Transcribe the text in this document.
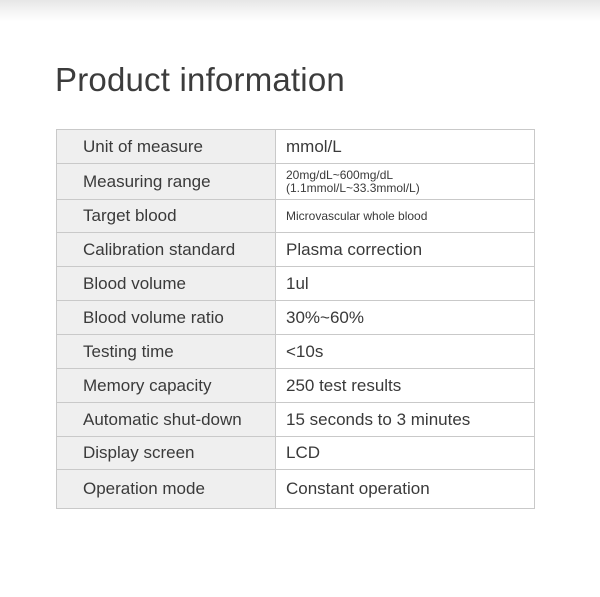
Product information
Unit of measure	mmol/L
Measuring range	20mg/dL~600mg/dL
(1.1mmol/L~33.3mmol/L)

Target blood	Microvascular whole blood
Calibration standard	Plasma correction
Blood volume	1ul
Blood volume ratio	30%~60%
Testing time	<10s
Memory capacity	250 test results
Automatic shut-down	15 seconds to 3 minutes
Display screen	LCD
Operation mode	Constant operation
